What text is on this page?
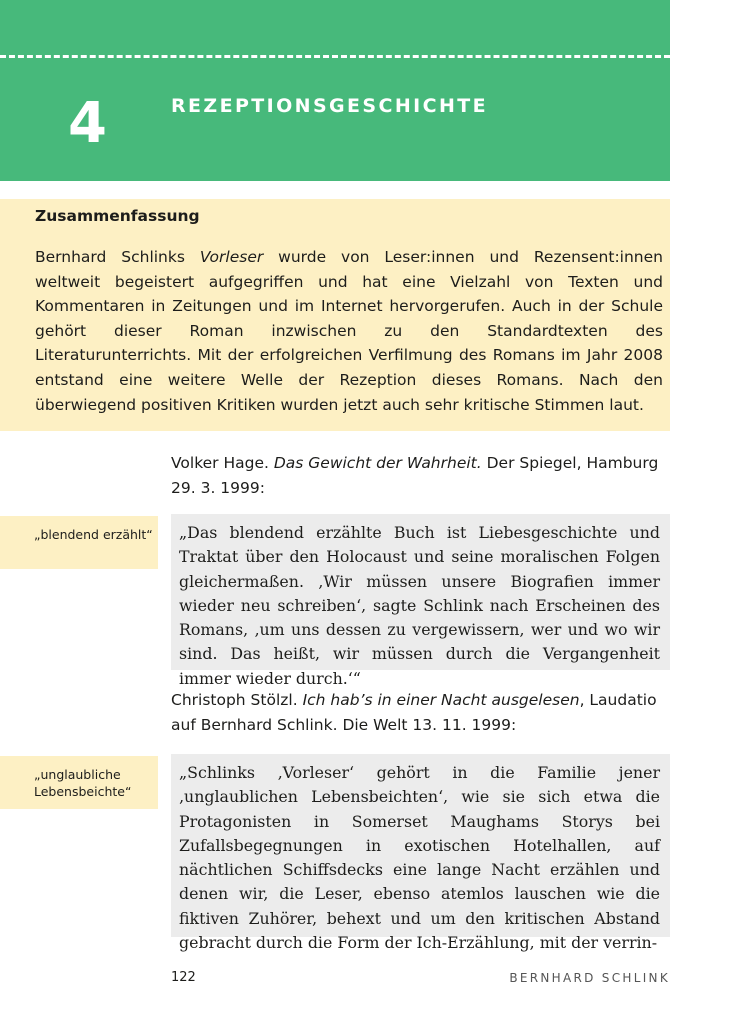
4	REZEPTIONSGESCHICHTE
Zusammenfassung
Bernhard Schlinks Vorleser wurde von Leser:innen und Rezensent:innen weltweit begeistert aufgegriffen und hat eine Vielzahl von Texten und Kommentaren in Zeitungen und im Internet hervorgerufen. Auch in der Schule gehört dieser Roman inzwischen zu den Standardtexten des Literaturunterrichts. Mit der erfolgreichen Verfilmung des Romans im Jahr 2008 entstand eine weitere Welle der Rezeption dieses Romans. Nach den überwiegend positiven Kritiken wurden jetzt auch sehr kritische Stimmen laut.
Volker Hage. Das Gewicht der Wahrheit. Der Spiegel, Hamburg 29. 3. 1999:
„blendend erzählt“	„Das blendend erzählte Buch ist Liebesgeschichte und Traktat über den Holocaust und seine moralischen Folgen gleichermaßen. ‚Wir müssen unsere Biografien immer wieder neu schreiben‘, sagte Schlink nach Erscheinen des Romans, ‚um uns dessen zu vergewissern, wer und wo wir sind. Das heißt, wir müssen durch die Vergangenheit immer wieder durch.‘“
Christoph Stölzl. Ich hab’s in einer Nacht ausgelesen, Laudatio auf Bernhard Schlink. Die Welt 13. 11. 1999:
„unglaubliche Lebensbeichte“
„Schlinks ‚Vorleser‘ gehört in die Familie jener ‚unglaublichen Lebensbeichten‘, wie sie sich etwa die Protagonisten in Somerset Maughams Storys bei Zufallsbegegnungen in exotischen Hotelhallen, auf nächtlichen Schiffsdecks eine lange Nacht erzählen und denen wir, die Leser, ebenso atemlos lauschen wie die fiktiven Zuhörer, behext und um den kritischen Abstand gebracht durch die Form der Ich-Erzählung, mit der verrin-
122	BERNHARD SCHLINK
